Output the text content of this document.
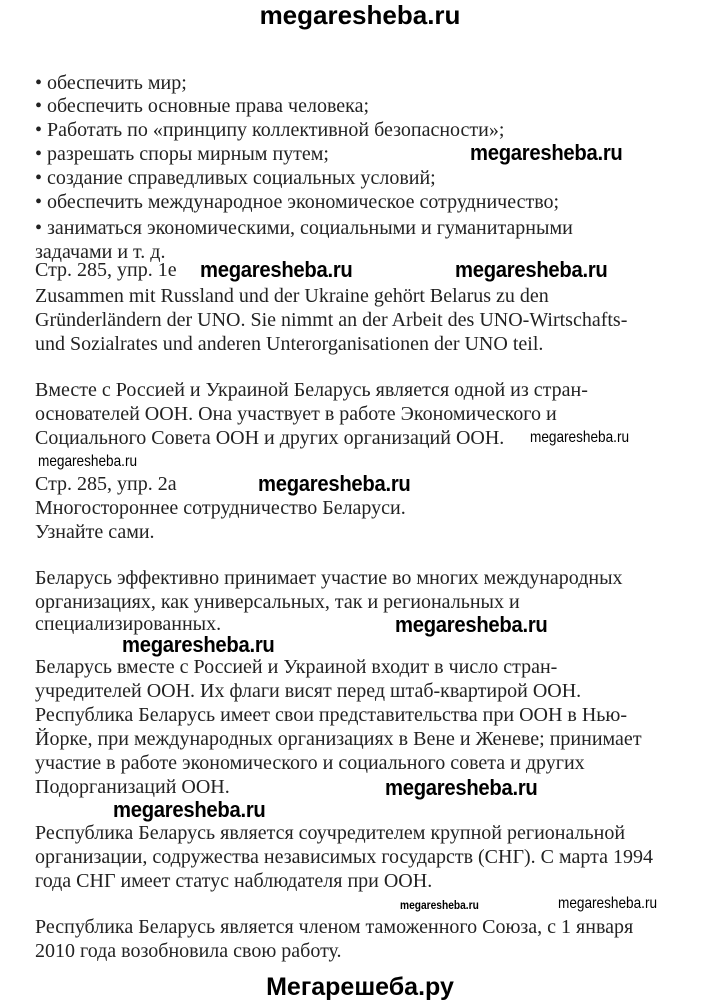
megaresheba.ru
• обеспечить мир;
• обеспечить основные права человека;
• Работать по «принципу коллективной безопасности»;
• разрешать споры мирным путем;
• создание справедливых социальных условий;
• обеспечить международное экономическое сотрудничество;
• заниматься экономическими, социальными и гуманитарными
задачами и т. д.
Стр. 285, упр. 1е
Zusammen mit Russland und der Ukraine gehört Belarus zu den
Gründerländern der UNO. Sie nimmt an der Arbeit des UNO-Wirtschafts-
und Sozialrates und anderen Unterorganisationen der UNO teil.
Вместе с Россией и Украиной Беларусь является одной из стран-
основателей ООН. Она участвует в работе Экономического и
Социального Совета ООН и других организаций ООН.
Стр. 285, упр. 2а
Многостороннее сотрудничество Беларуси.
Узнайте сами.
Беларусь эффективно принимает участие во многих международных
организациях, как универсальных, так и региональных и
специализированных.
Беларусь вместе с Россией и Украиной входит в число стран-
учредителей ООН. Их флаги висят перед штаб-квартирой ООН.
Республика Беларусь имеет свои представительства при ООН в Нью-
Йорке, при международных организациях в Вене и Женеве; принимает
участие в работе экономического и социального совета и других
Подорганизаций ООН.
Республика Беларусь является соучредителем крупной региональной
организации, содружества независимых государств (СНГ). С марта 1994
года СНГ имеет статус наблюдателя при ООН.
Республика Беларусь является членом таможенного Союза, с 1 января
2010 года возобновила свою работу.
megaresheba.ru
megaresheba.ru	megaresheba.ru
megaresheba.ru
megaresheba.ru
megaresheba.ru
megaresheba.ru
megaresheba.ru
megaresheba.ru
megaresheba.ru
megaresheba.ru	megaresheba.ru
Мегарешеба.ру
